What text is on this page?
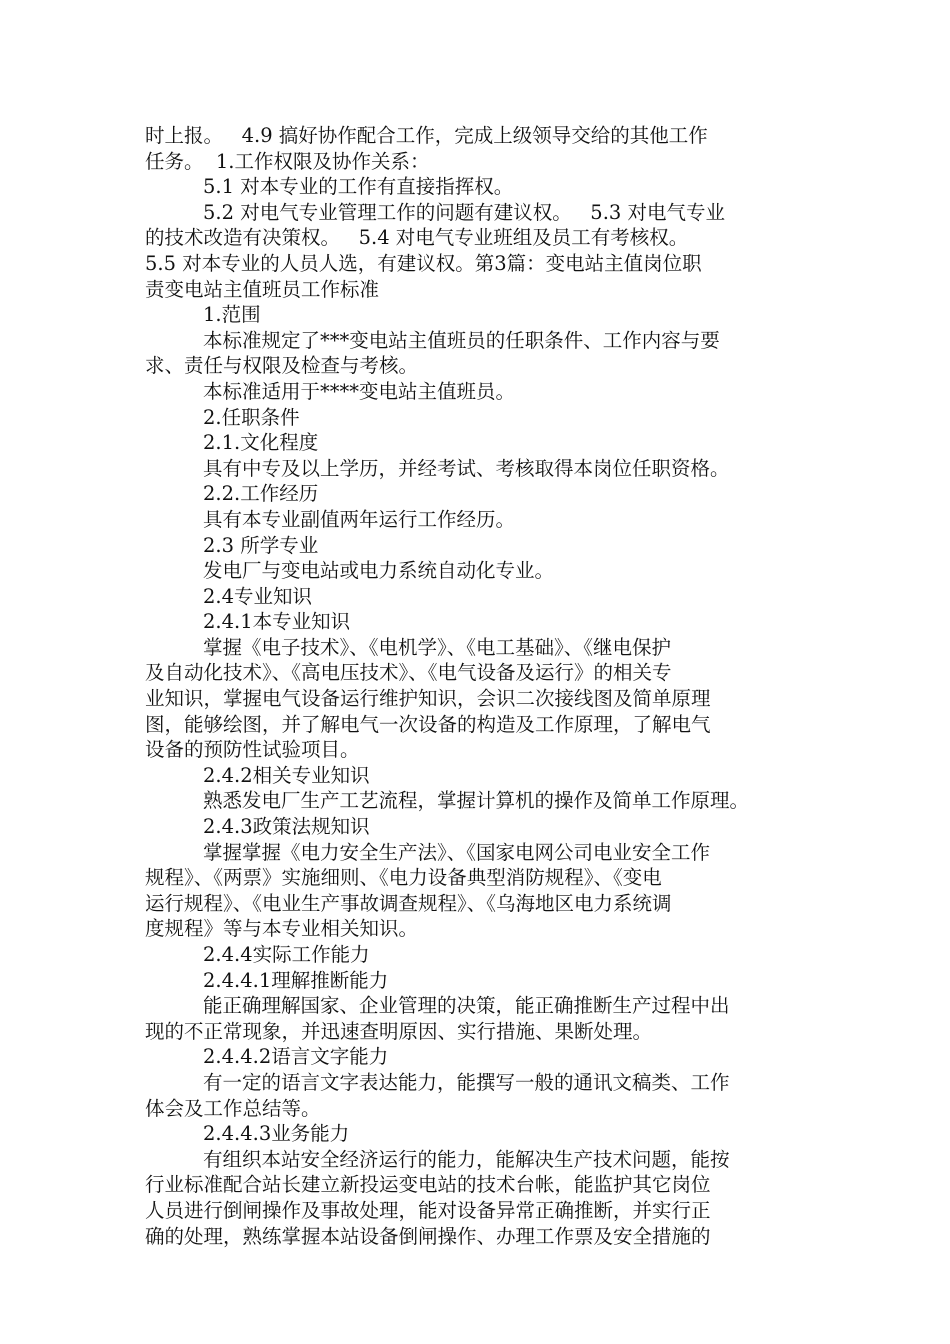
时上报。   4.9 搞好协作配合工作，完成上级领导交给的其他工作
任务。  1.工作权限及协作关系：
5.1 对本专业的工作有直接指挥权。
5.2 对电气专业管理工作的问题有建议权。   5.3 对电气专业
的技术改造有决策权。   5.4 对电气专业班组及员工有考核权。
5.5 对本专业的人员人选，有建议权。第3篇：变电站主值岗位职
责变电站主值班员工作标准
1.范围
本标准规定了***变电站主值班员的任职条件、工作内容与要
求、责任与权限及检查与考核。
本标准适用于****变电站主值班员。
2.任职条件
2.1.文化程度
具有中专及以上学历，并经考试、考核取得本岗位任职资格。
2.2.工作经历
具有本专业副值两年运行工作经历。
2.3 所学专业
发电厂与变电站或电力系统自动化专业。
2.4专业知识
2.4.1本专业知识
掌握《电子技术》、《电机学》、《电工基础》、《继电保护
及自动化技术》、《高电压技术》、《电气设备及运行》的相关专
业知识，掌握电气设备运行维护知识，会识二次接线图及简单原理
图，能够绘图，并了解电气一次设备的构造及工作原理，了解电气
设备的预防性试验项目。
2.4.2相关专业知识
熟悉发电厂生产工艺流程，掌握计算机的操作及简单工作原理。
2.4.3政策法规知识
掌握掌握《电力安全生产法》、《国家电网公司电业安全工作
规程》、《两票》实施细则、《电力设备典型消防规程》、《变电
运行规程》、《电业生产事故调查规程》、《乌海地区电力系统调
度规程》等与本专业相关知识。
2.4.4实际工作能力
2.4.4.1理解推断能力
能正确理解国家、企业管理的决策，能正确推断生产过程中出
现的不正常现象，并迅速查明原因、实行措施、果断处理。
2.4.4.2语言文字能力
有一定的语言文字表达能力，能撰写一般的通讯文稿类、工作
体会及工作总结等。
2.4.4.3业务能力
有组织本站安全经济运行的能力，能解决生产技术问题，能按
行业标准配合站长建立新投运变电站的技术台帐，能监护其它岗位
人员进行倒闸操作及事故处理，能对设备异常正确推断，并实行正
确的处理，熟练掌握本站设备倒闸操作、办理工作票及安全措施的
